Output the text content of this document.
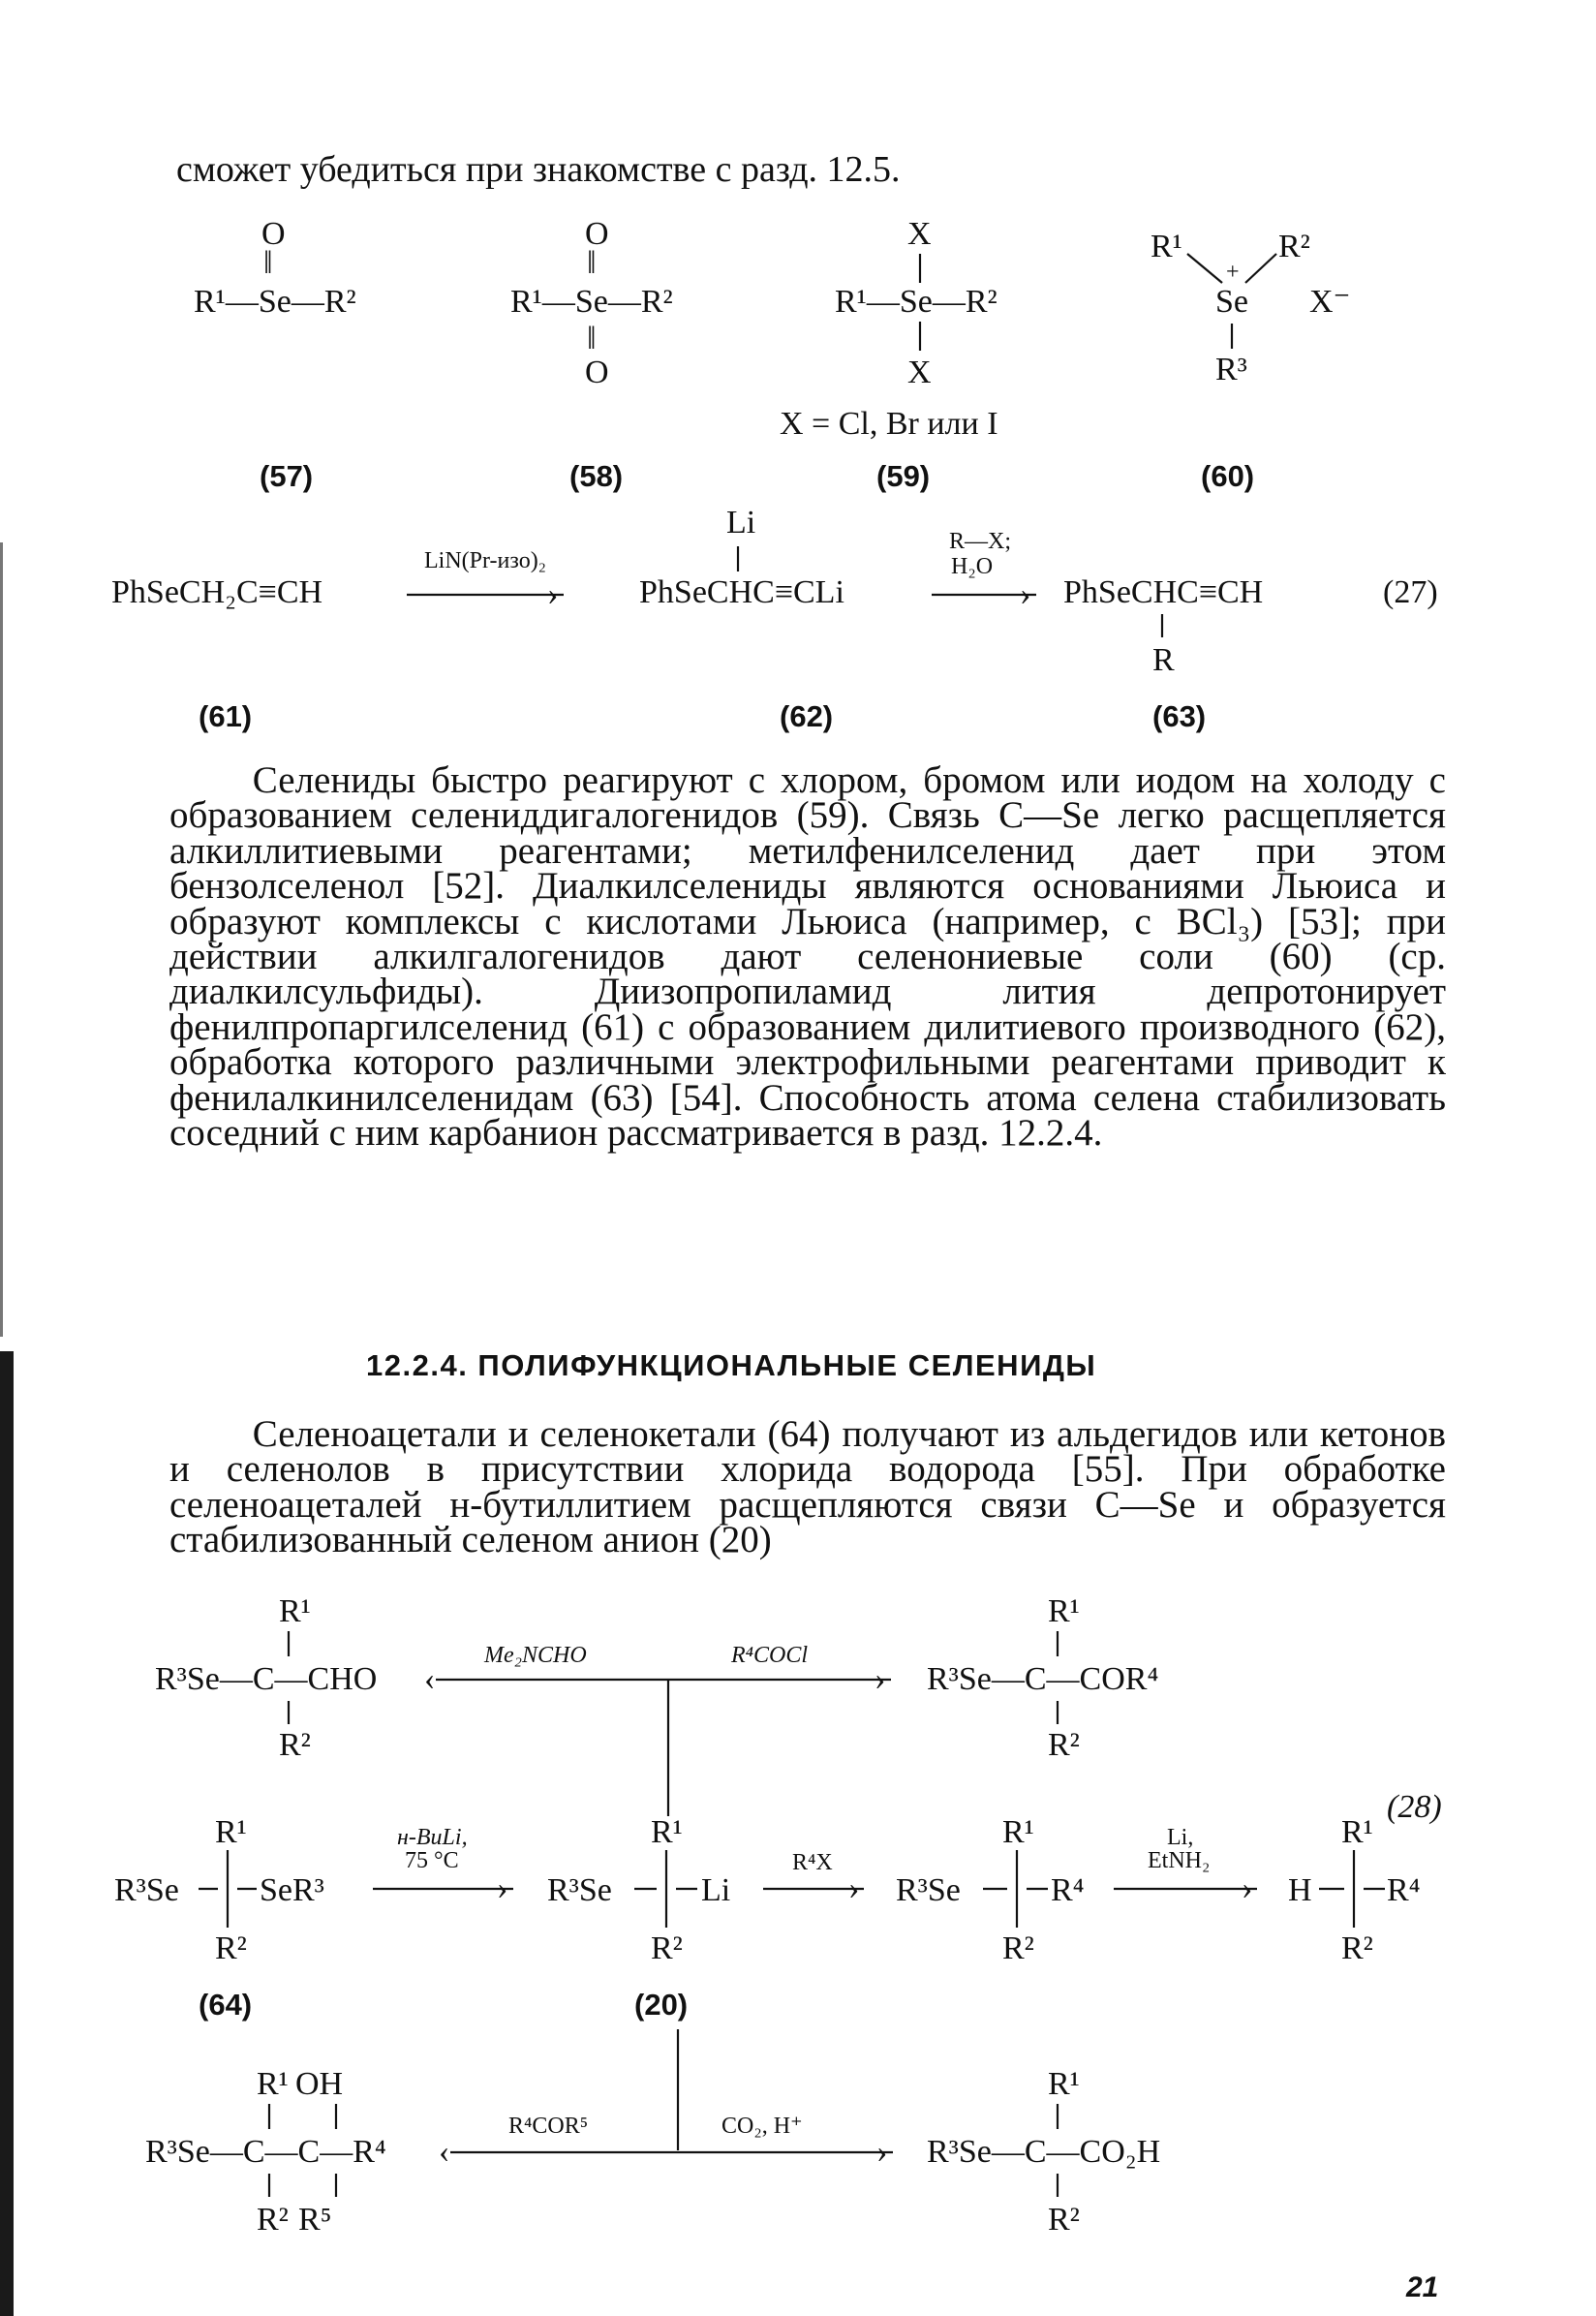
сможет убедиться при знакомстве с разд. 12.5.
O
‖
R¹—Se—R²
(57)
O
‖
R¹—Se—R²
‖
O
(58)
X
R¹—Se—R²
X
X = Cl, Br или I
(59)
R¹	R²
+
Se X⁻
R³
(60)
PhSeCH₂C≡CH
LiN(Pr-изо)₂
›
Li
PhSeCHC≡CLi
R—X;
H₂O
› PhSeCHC≡CH
R
(27)
(61)	(62)	(63)

Селениды быстро реагируют с хлором, бромом или иодом на холоду с образованием селениддигалогенидов (59). Связь C—Se легко расщепляется алкиллитиевыми реагентами; метилфенилселенид дает при этом бензолселенол [52]. Диалкилселениды являются основаниями Льюиса и образуют комплексы с кислотами Льюиса (например, с BCl₃) [53]; при действии алкилгалогенидов дают селенониевые соли (60) (ср. диалкилсульфиды). Диизопропиламид лития депротонирует фенилпропаргилселенид (61) с образованием дилитиевого производного (62), обработка которого различными электрофильными реагентами приводит к фенилалкинилселенидам (63) [54]. Способность атома селена стабилизовать соседний с ним карбанион рассматривается в разд. 12.2.4.

12.2.4. ПОЛИФУНКЦИОНАЛЬНЫЕ СЕЛЕНИДЫ

Селеноацетали и селенокетали (64) получают из альдегидов или кетонов и селенолов в присутствии хлорида водорода [55]. При обработке селеноацеталей н-бутиллитием расщепляются связи C—Se и образуется стабилизованный селеном анион (20)

R¹
R³Se—C—CHO
R²
‹	›
Me₂NCHO	R⁴COCl
R¹
R³Se—C—COR⁴
R²
(28)
R¹
R³Se SeR³
R²
(64)
н-BuLi,
75 °C
›
R¹
R³Se	Li
R²
(20)
R⁴X
›
R¹
R³Se	R⁴
R²
Li,
EtNH₂
›
R¹
H R⁴
R²
R¹ OH
R³Se—C—C—R⁴
R² R⁵
‹	›
R⁴COR⁵	CO₂, H⁺
R¹
R³Se—C—CO₂H
R²
21
